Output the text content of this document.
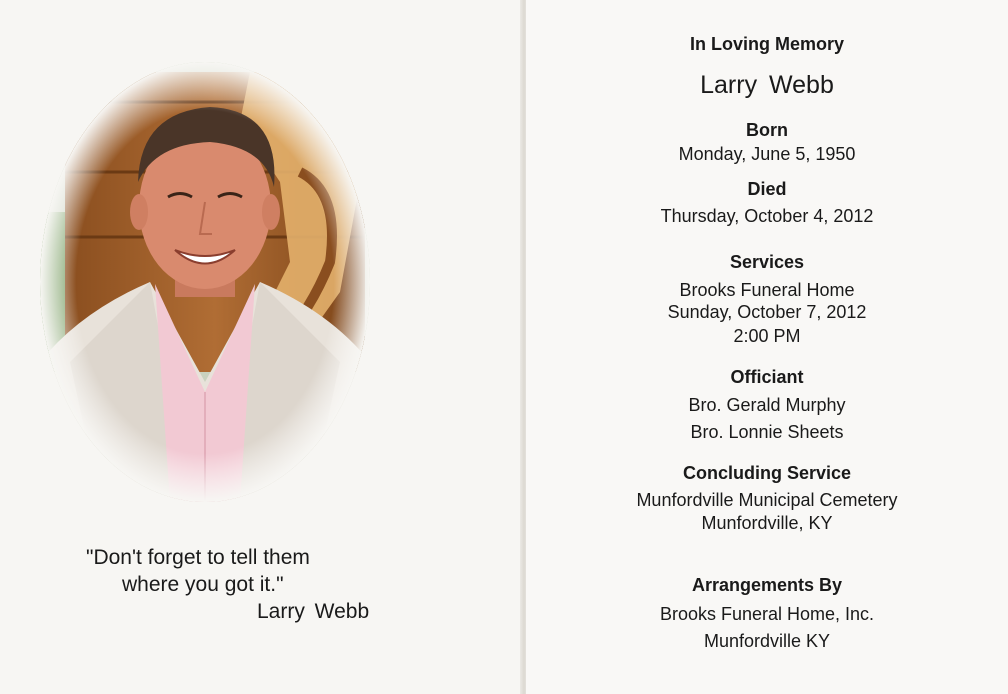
"Don't forget to tell them
where you got it."
Larry Webb
In Loving Memory
Larry Webb
Born
Monday, June 5, 1950
Died
Thursday, October 4, 2012
Services
Brooks Funeral Home
Sunday, October 7, 2012
2:00 PM
Officiant
Bro. Gerald Murphy
Bro. Lonnie Sheets
Concluding Service
Munfordville Municipal Cemetery
Munfordville, KY
Arrangements By
Brooks Funeral Home, Inc.
Munfordville KY
